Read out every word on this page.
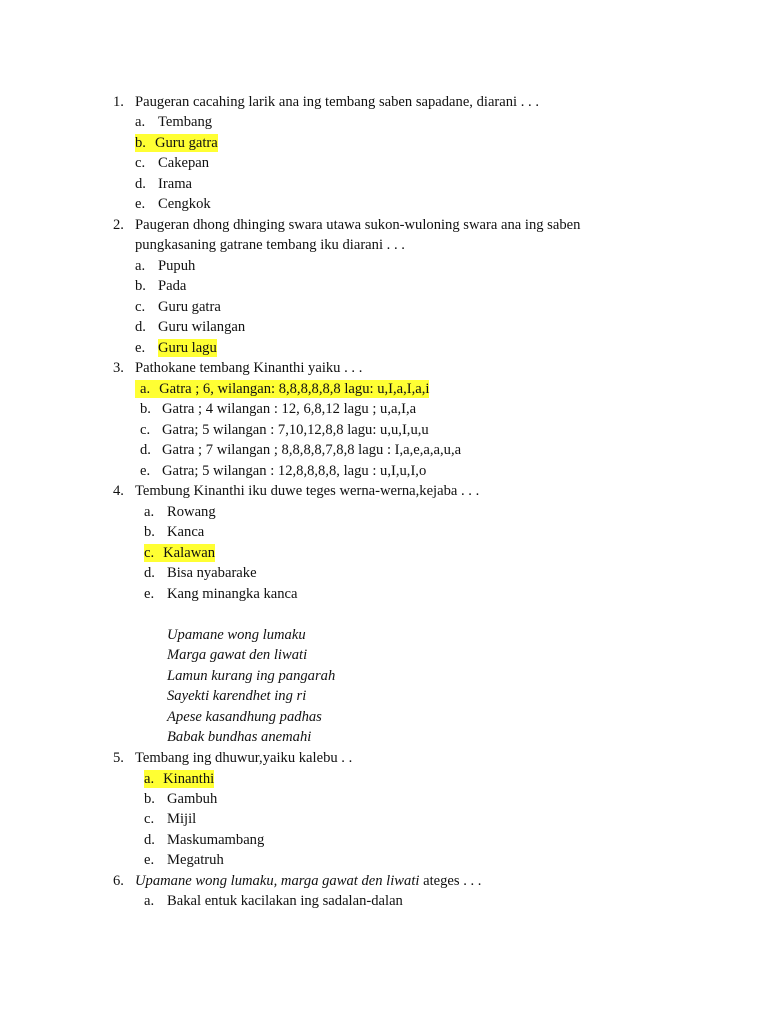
1. Paugeran cacahing larik ana ing tembang saben sapadane, diarani . . .
a. Tembang
b. Guru gatra
c. Cakepan
d. Irama
e. Cengkok
2. Paugeran dhong dhinging swara utawa sukon-wuloning swara ana ing saben
pungkasaning gatrane tembang iku diarani . . .
a. Pupuh
b. Pada
c. Guru gatra
d. Guru wilangan
e. Guru lagu
3. Pathokane tembang Kinanthi yaiku . . .
a. Gatra ; 6, wilangan: 8,8,8,8,8,8 lagu: u,I,a,I,a,i
b. Gatra ; 4 wilangan : 12, 6,8,12 lagu ; u,a,I,a
c. Gatra; 5 wilangan : 7,10,12,8,8 lagu: u,u,I,u,u
d. Gatra ; 7 wilangan ; 8,8,8,8,7,8,8 lagu : I,a,e,a,a,u,a
e. Gatra; 5 wilangan : 12,8,8,8,8, lagu : u,I,u,I,o
4. Tembung Kinanthi iku duwe teges werna-werna,kejaba . . .
a. Rowang
b. Kanca
c. Kalawan
d. Bisa nyabarake
e. Kang minangka kanca
Upamane wong lumaku
Marga gawat den liwati
Lamun kurang ing pangarah
Sayekti karendhet ing ri
Apese kasandhung padhas
Babak bundhas anemahi
5. Tembang ing dhuwur,yaiku kalebu . .
a. Kinanthi
b. Gambuh
c. Mijil
d. Maskumambang
e. Megatruh
6. Upamane wong lumaku, marga gawat den liwati ateges . . .
a. Bakal entuk kacilakan ing sadalan-dalan
